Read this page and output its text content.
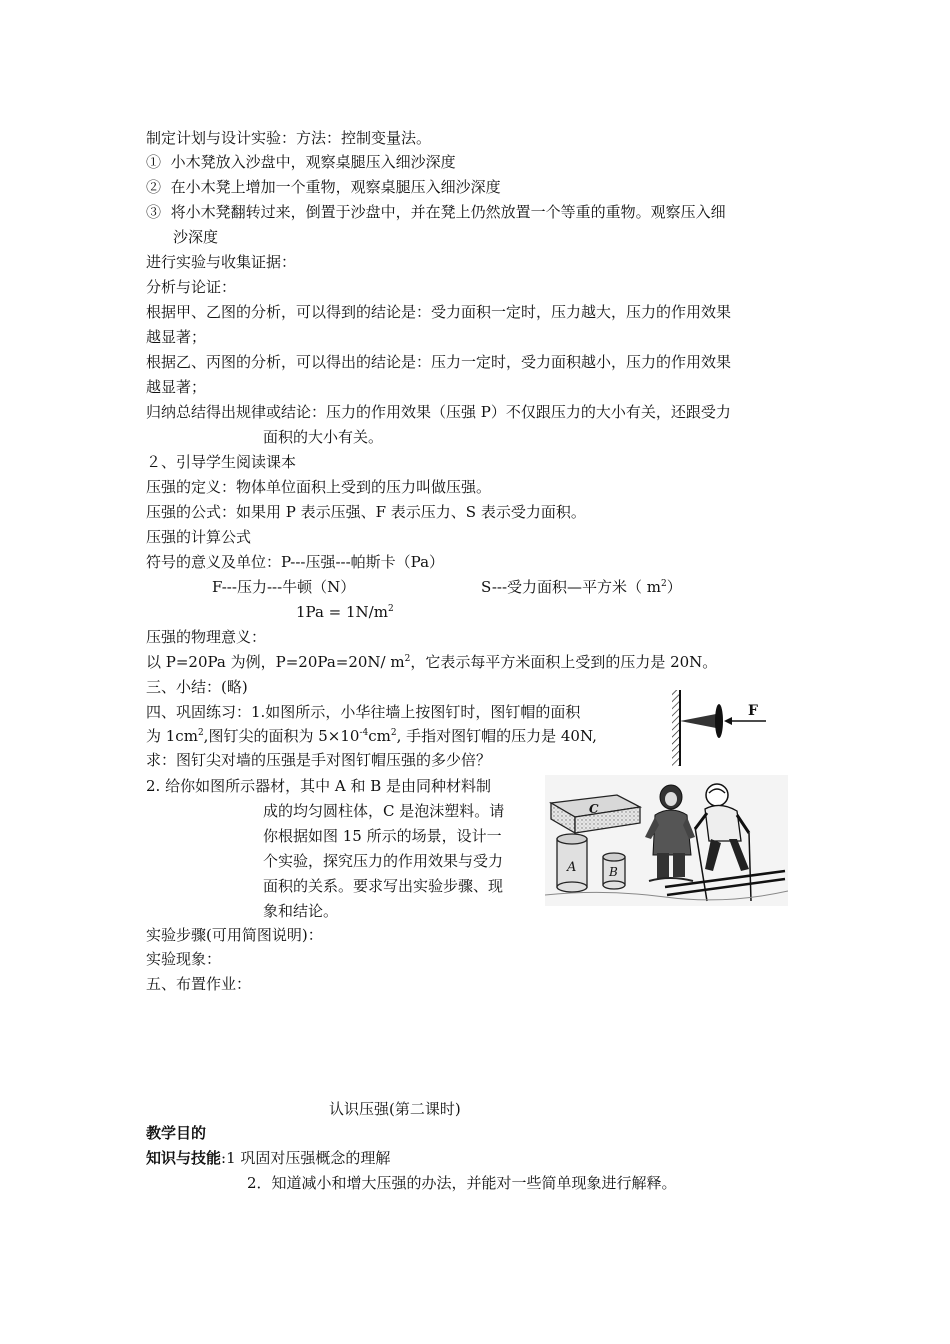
制定计划与设计实验：方法：控制变量法。
① 小木凳放入沙盘中，观察桌腿压入细沙深度
② 在小木凳上增加一个重物，观察桌腿压入细沙深度
③ 将小木凳翻转过来，倒置于沙盘中，并在凳上仍然放置一个等重的重物。观察压入细
沙深度
进行实验与收集证据：
分析与论证：
根据甲、乙图的分析，可以得到的结论是：受力面积一定时，压力越大，压力的作用效果
越显著；
根据乙、丙图的分析，可以得出的结论是：压力一定时，受力面积越小，压力的作用效果
越显著；
归纳总结得出规律或结论：压力的作用效果（压强 P）不仅跟压力的大小有关，还跟受力
面积的大小有关。
２、引导学生阅读课本
压强的定义：物体单位面积上受到的压力叫做压强。
压强的公式：如果用 P 表示压强、F 表示压力、S 表示受力面积。
压强的计算公式
符号的意义及单位：P---压强---帕斯卡（Pa）
F---压力---牛顿（N）	S---受力面积—平方米（ $m^2$）
$1Pa = 1N/m^2$
压强的物理意义：
以 P=20Pa 为例，P=20Pa=20N/ $m^2$，它表示每平方米面积上受到的压力是 20N。
三、小结：(略)
四、巩固练习：1.如图所示，小华往墙上按图钉时，图钉帽的面积
为 $1cm^2$,图钉尖的面积为 $5\times 10^{-4}cm^2$, 手指对图钉帽的压力是 40N,
求：图钉尖对墙的压强是手对图钉帽压强的多少倍？
F
2. 给你如图所示器材，其中 A 和 B 是由同种材料制
成的均匀圆柱体，C 是泡沫塑料。请
你根据如图 15 所示的场景，设计一
个实验，探究压力的作用效果与受力
面积的关系。要求写出实验步骤、现
象和结论。
C
A	B
实验步骤(可用简图说明)：
实验现象：
五、布置作业：
认识压强(第二课时)
教学目的
知识与技能:1 巩固对压强概念的理解
2．知道减小和增大压强的办法，并能对一些简单现象进行解释。
